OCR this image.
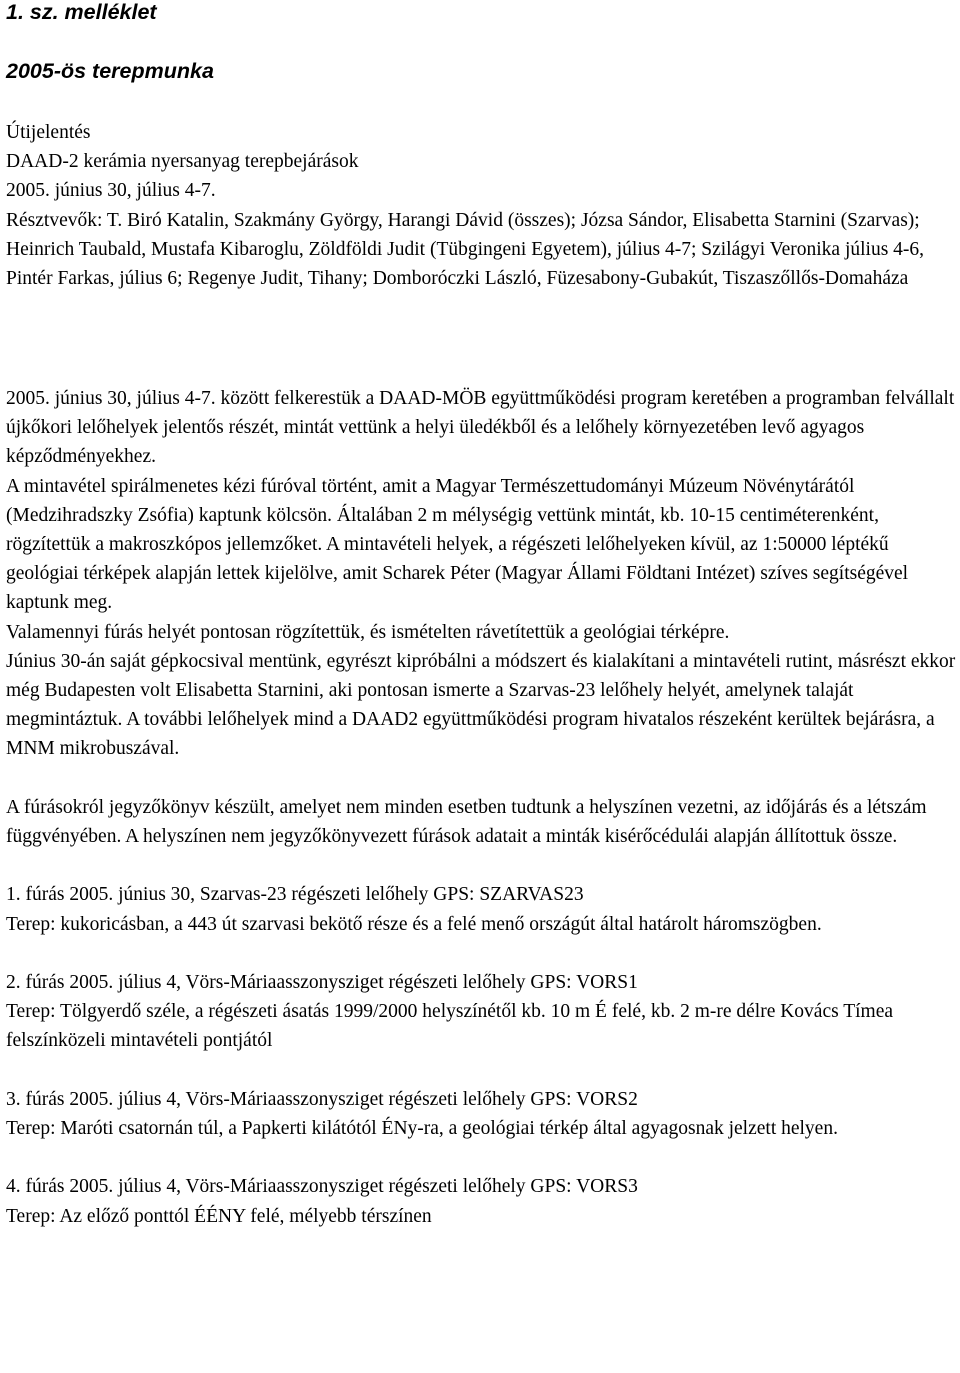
1. sz. melléklet

2005-ös terepmunka

Útijelentés

DAAD-2 kerámia nyersanyag terepbejárások

2005. június 30, július 4-7.

Résztvevők: T. Biró Katalin, Szakmány György, Harangi Dávid (összes); Józsa Sándor, Elisabetta Starnini (Szarvas); Heinrich Taubald, Mustafa Kibaroglu, Zöldföldi Judit (Tübgingeni Egyetem), július 4-7; Szilágyi Veronika július 4-6, Pintér Farkas, július 6; Regenye Judit, Tihany; Domboróczki László, Füzesabony-Gubakút, Tiszaszőllős-Domaháza

2005. június 30, július 4-7. között felkerestük a DAAD-MÖB együttműködési program keretében a programban felvállalt újkőkori lelőhelyek jelentős részét, mintát vettünk a helyi üledékből és a lelőhely környezetében levő agyagos képződményekhez.

A mintavétel spirálmenetes kézi fúróval történt, amit a Magyar Természettudományi Múzeum Növénytárától (Medzihradszky Zsófia) kaptunk kölcsön. Általában 2 m mélységig vettünk mintát, kb. 10-15 centiméterenként, rögzítettük a makroszkópos jellemzőket. A mintavételi helyek, a régészeti lelőhelyeken kívül, az 1:50000 léptékű geológiai térképek alapján lettek kijelölve, amit Scharek Péter (Magyar Állami Földtani Intézet) szíves segítségével kaptunk meg.

Valamennyi fúrás helyét pontosan rögzítettük, és ismételten rávetítettük a geológiai térképre.

Június 30-án saját gépkocsival mentünk, egyrészt kipróbálni a módszert és kialakítani a mintavételi rutint, másrészt ekkor még Budapesten volt Elisabetta Starnini, aki pontosan ismerte a Szarvas-23 lelőhely helyét, amelynek talaját megmintáztuk. A további lelőhelyek mind a DAAD2 együttműködési program hivatalos részeként kerültek bejárásra, a MNM mikrobuszával.

A fúrásokról jegyzőkönyv készült, amelyet nem minden esetben tudtunk a helyszínen vezetni, az időjárás és a létszám függvényében. A helyszínen nem jegyzőkönyvezett fúrások adatait a minták kisérőcédulái alapján állítottuk össze.

1. fúrás 2005. június 30, Szarvas-23 régészeti lelőhely GPS: SZARVAS23

Terep: kukoricásban, a 443 út szarvasi bekötő része és a felé menő országút által határolt háromszögben.

2. fúrás 2005. július 4, Vörs-Máriaasszonysziget régészeti lelőhely GPS: VORS1

Terep: Tölgyerdő széle, a régészeti ásatás 1999/2000 helyszínétől kb. 10 m É felé, kb. 2 m-re délre Kovács Tímea felszínközeli mintavételi pontjától

3. fúrás 2005. július 4, Vörs-Máriaasszonysziget régészeti lelőhely GPS: VORS2

Terep: Maróti csatornán túl, a Papkerti kilátótól ÉNy-ra, a geológiai térkép által agyagosnak jelzett helyen.

4. fúrás 2005. július 4, Vörs-Máriaasszonysziget régészeti lelőhely GPS: VORS3

Terep: Az előző ponttól ÉÉNY felé, mélyebb térszínen
